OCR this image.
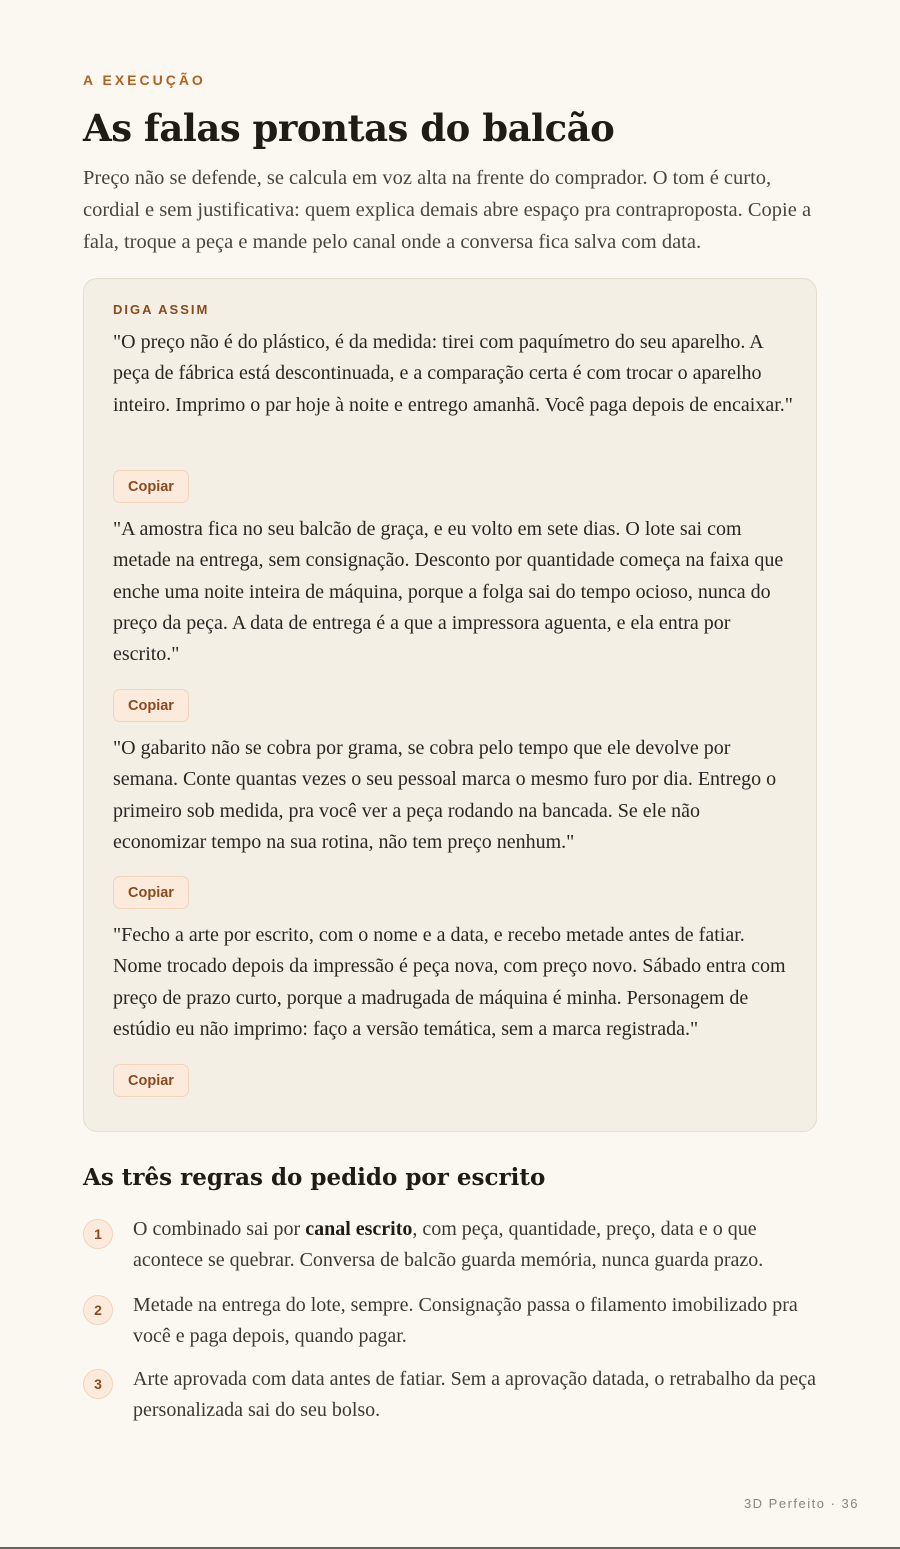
A EXECUÇÃO
As falas prontas do balcão

Preço não se defende, se calcula em voz alta na frente do comprador. O tom é curto, cordial e sem justificativa: quem explica demais abre espaço pra contraproposta. Copie a fala, troque a peça e mande pelo canal onde a conversa fica salva com data.

DIGA ASSIM

"O preço não é do plástico, é da medida: tirei com paquímetro do seu aparelho. A peça de fábrica está descontinuada, e a comparação certa é com trocar o aparelho inteiro. Imprimo o par hoje à noite e entrego amanhã. Você paga depois de encaixar."

Copiar

"A amostra fica no seu balcão de graça, e eu volto em sete dias. O lote sai com metade na entrega, sem consignação. Desconto por quantidade começa na faixa que enche uma noite inteira de máquina, porque a folga sai do tempo ocioso, nunca do preço da peça. A data de entrega é a que a impressora aguenta, e ela entra por escrito."

Copiar

"O gabarito não se cobra por grama, se cobra pelo tempo que ele devolve por semana. Conte quantas vezes o seu pessoal marca o mesmo furo por dia. Entrego o primeiro sob medida, pra você ver a peça rodando na bancada. Se ele não economizar tempo na sua rotina, não tem preço nenhum."

Copiar

"Fecho a arte por escrito, com o nome e a data, e recebo metade antes de fatiar. Nome trocado depois da impressão é peça nova, com preço novo. Sábado entra com preço de prazo curto, porque a madrugada de máquina é minha. Personagem de estúdio eu não imprimo: faço a versão temática, sem a marca registrada."

Copiar
As três regras do pedido por escrito
1	O combinado sai por canal escrito, com peça, quantidade, preço, data e o que acontece se quebrar. Conversa de balcão guarda memória, nunca guarda prazo.

2	Metade na entrega do lote, sempre. Consignação passa o filamento imobilizado pra você e paga depois, quando pagar.

3	Arte aprovada com data antes de fatiar. Sem a aprovação datada, o retrabalho da peça personalizada sai do seu bolso.

3D Perfeito · 36
